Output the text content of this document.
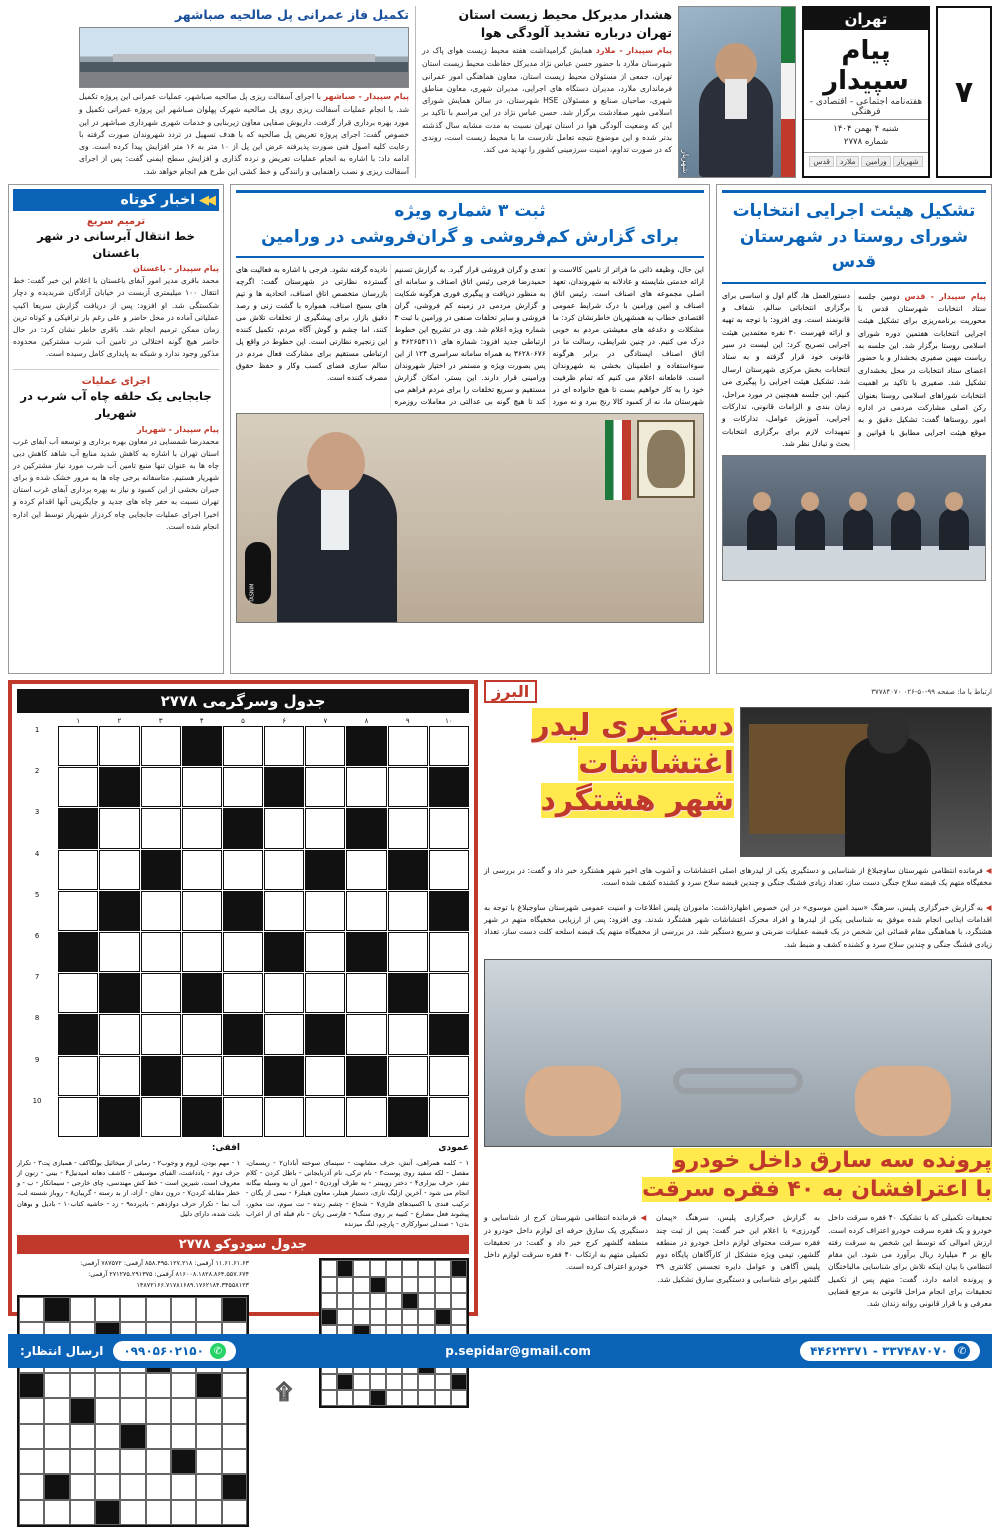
۷
تهران
پیام سپیدار
هفته‌نامه اجتماعی - اقتصادی - فرهنگی
شنبه ۴ بهمن ۱۴۰۴
شماره ۲۷۷۸
شهریار
ورامین
ملارد
قدس
شهریار
هشدار مدیرکل محیط زیست استان تهران درباره تشدید آلودگی هوا
پیام سپیدار - ملارد همایش گرامیداشت هفته محیط زیست هوای پاک در شهرستان ملارد با حضور حسن عباس نژاد مدیرکل حفاظت محیط زیست استان تهران، جمعی از مسئولان محیط زیست استان، معاون هماهنگی امور عمرانی فرمانداری ملارد، مدیران دستگاه های اجرایی، مدیران شهری، معاون مناطق شهری، صاحبان صنایع و مسئولان HSE شهرستان، در سالن همایش شورای اسلامی شهر صفادشت برگزار شد. حسن عباس نژاد در این مراسم با تاکید بر این که وضعیت آلودگی هوا در استان تهران نسبت به مدت مشابه سال گذشته بدتر شده و این موضوع نتیجه تعامل نادرست ما با محیط زیست است، روندی که در صورت تداوم، امنیت سرزمینی کشور را تهدید می کند.
تکمیل فاز عمرانی پل صالحیه صباشهر
پیام سپیدار - صباشهر با اجرای آسفالت ریزی پل صالحیه صباشهر، عملیات عمرانی این پروژه تکمیل شد. با انجام عملیات آسفالت ریزی روی پل صالحیه شهرک پهلوان صباشهر این پروژه عمرانی تکمیل و مورد بهره برداری قرار گرفت. داریوش صفایی معاون زیربنایی و خدمات شهری شهرداری صباشهر در این خصوص گفت: اجرای پروژه تعریض پل صالحیه که با هدف تسهیل در تردد شهروندان صورت گرفته با رعایت کلیه اصول فنی صورت پذیرفته عرض این پل از ۱۰ متر به ۱۶ متر افزایش پیدا کرده است. وی ادامه داد: با اشاره به انجام عملیات تعریض و نرده گذاری و افزایش سطح ایمنی گفت: پس از اجرای آسفالت ریزی و نصب راهنمایی و رانندگی و خط کشی این طرح هم انجام خواهد شد.
تشکیل هیئت اجرایی انتخابات شورای روستا در شهرستان قدس
پیام سپیدار - قدس دومین جلسه ستاد انتخابات شهرستان قدس با محوریت برنامه‌ریزی برای تشکیل هیئت اجرایی انتخابات هفتمین دوره شورای اسلامی روستا برگزار شد. این جلسه به ریاست مهین صفیری بخشدار و با حضور اعضای ستاد انتخابات در محل بخشداری تشکیل شد. صفیری با تاکید بر اهمیت انتخابات شوراهای اسلامی روستا بعنوان رکن اصلی مشارکت مردمی در اداره امور روستاها گفت: تشکیل دقیق و به موقع هیئت اجرایی مطابق با قوانین و دستورالعمل ها، گام اول و اساسی برای برگزاری انتخاباتی سالم، شفاف و قانونمند است. وی افزود: با توجه به تهیه و ارائه فهرست ۳۰ نفره معتمدین هیئت اجرایی تصریح کرد: این لیست در سیر قانونی خود قرار گرفته و به ستاد انتخابات بخش مرکزی شهرستان ارسال شد. تشکیل هیئت اجرایی را پیگیری می کنیم. این جلسه همچنین در مورد مراحل، زمان بندی و الزامات قانونی، تدارکات اجرایی، آموزش عوامل، تدارکات و تمهیدات لازم برای برگزاری انتخابات بحث و تبادل نظر شد.
ثبت ۳ شماره ویژه
برای گزارش کم‌فروشی و گران‌فروشی در ورامین
این حال، وظیفه ذاتی ما فراتر از تامین کالاست و ارائه خدمتی شایسته و عادلانه به شهروندان، تعهد اصلی مجموعه های اصناف است. رئیس اتاق اصناف و امین ورامین با درک شرایط عمومی اقتصادی خطاب به همشهریان خاطرنشان کرد: ما مشکلات و دغدغه های معیشتی مردم به خوبی درک می کنیم. در چنین شرایطی، رسالت ما در اتاق اصناف ایستادگی در برابر هرگونه سوءاستفاده و اطمینان بخشی به شهروندان است. قاطعانه اعلام می کنیم که تمام ظرفیت خود را به کار خواهیم بست تا هیچ خانواده ای در شهرستان ما، نه از کمبود کالا رنج ببرد و نه مورد تعدی و گران فروشی قرار گیرد. به گزارش تسنیم حمیدرضا فرجی رئیس اتاق اصناف و سامانه ای به منظور دریافت و پیگیری فوری هرگونه شکایت و گزارش مردمی در زمینه کم فروشی، گران فروشی و سایر تخلفات صنفی در ورامین با ثبت ۳ شماره ویژه اعلام شد. وی در تشریح این خطوط ارتباطی جدید افزود: شماره های ۳۶۲۶۵۳۱۱۱ و ۳۶۲۸۰۶۷۶ به همراه سامانه سراسری ۱۲۴ از این پس بصورت ویژه و مستمر در اختیار شهروندان ورامینی قرار دارند. این بستر، امکان گزارش مستقیم و سریع تخلفات را برای مردم فراهم می کند تا هیچ گونه بی عدالتی در معاملات روزمره نادیده گرفته نشود. فرجی با اشاره به فعالیت های گسترده نظارتی در شهرستان گفت: اگرچه بازرسان متخصص اتاق اصناف، اتحادیه ها و تیم های بسیج اصناف، همواره با گشت زنی و رصد دقیق بازار، برای پیشگیری از تخلفات تلاش می کنند، اما چشم و گوش آگاه مردم، تکمیل کننده این زنجیره نظارتی است. این خطوط در واقع پل ارتباطی مستقیم برای مشارکت فعال مردم در سالم سازی فضای کسب وکار و حفظ حقوق مصرف کننده است.
TASNIM
◀◀
اخبار کوتاه
ترمیم سریع
خط انتقال آبرسانی در شهر باغستان
پیام سپیدار - باغستان
محمد باقری مدیر امور آبفای باغستان با اعلام این خبر گفت: خط انتقال ۱۰۰ میلیمتری آزبست در خیابان آزادگان ضربدیده و دچار شکستگی شد. او افزود: پس از دریافت گزارش سریعا اکیپ عملیاتی آماده در محل حاضر و علی رغم بار ترافیکی و کوتاه ترین زمان ممکن ترمیم انجام شد. باقری خاطر نشان کرد: در حال حاضر هیچ گونه اختلالی در تامین آب شرب مشترکین محدوده مذکور وجود ندارد و شبکه به پایداری کامل رسیده است.
اجرای عملیات
جابجایی یک حلقه چاه آب شرب در شهریار
پیام سپیدار - شهریار
محمدرضا شمسایی در معاون بهره برداری و توسعه آب آبفای غرب استان تهران با اشاره به کاهش شدید منابع آب شاهد کاهش دبی چاه ها به عنوان تنها منبع تامین آب شرب مورد نیاز مشترکین در شهریار هستیم. متاسفانه برخی چاه ها به مرور خشک شده و برای جبران بخشی از این کمبود و نیاز به بهره برداری آبفای غرب استان تهران نسبت به حفر چاه های جدید و جایگزینی آنها اقدام کرده و اخیرا اجرای عملیات جابجایی چاه کردزار شهریار توسط این اداره انجام شده است.
ارتباط با ما: صفحه ۹۹-۵۰-۰۲۶ ۳۷۷۸۴۰۷۰
البرز
دستگیری لیدر اغتشاشات
شهر هشتگرد
◀ فرمانده انتظامی شهرستان ساوجبلاغ از شناسایی و دستگیری یکی از لیدرهای اصلی اغتشاشات و آشوب های اخیر شهر هشتگرد خبر داد و گفت: در بررسی از مخفیگاه متهم یک قبضه سلاح جنگی دست ساز، تعداد زیادی فشنگ جنگی و چندین قبضه سلاح سرد و کشنده کشف شده است.

◀ به گزارش خبرگزاری پلیس، سرهنگ «سید امین موسوی» در این خصوص اظهارداشت: ماموران پلیس اطلاعات و امنیت عمومی شهرستان ساوجبلاغ با توجه به اقدامات ایذایی انجام شده موفق به شناسایی یکی از لیدرها و افراد محرک اغتشاشات شهر هشتگرد شدند. وی افزود: پس از ارزیابی مخفیگاه متهم در شهر هشتگرد، با هماهنگی مقام قضائی این شخص در یک قبضه عملیات ضربتی و سریع دستگیر شد. در بررسی از مخفیگاه متهم یک قبضه اسلحه کلت دست ساز، تعداد زیادی فشنگ جنگی و چندین سلاح سرد و کشنده کشف و ضبط شد.
پرونده سه سارق داخل خودرو
با اعترافشان به ۴۰ فقره سرقت
تحقیقات تکمیلی که با تشکیک ۴۰ فقره سرقت داخل خودرو و یک فقره سرقت خودرو اعتراف کرده است. ارزش اموالی که توسط این شخص به سرقت رفته بالغ بر ۳ میلیارد ریال برآورد می شود. این مقام انتظامی با بیان اینکه تلاش برای شناسایی مالباختگان و پرونده ادامه دارد، گفت: متهم پس از تکمیل تحقیقات برای انجام مراحل قانونی به مرجع قضایی معرفی و با قرار قانونی روانه زندان شد.
به گزارش خبرگزاری پلیس، سرهنگ «پیمان گودرزی» با اعلام این خبر گفت: پس از ثبت چند فقره سرقت محتوای لوازم داخل خودرو در منطقه گلشهر، تیمی ویژه متشکل از کارآگاهان پایگاه دوم پلیس آگاهی و عوامل دایره تجسس کلانتری ۳۹ گلشهر برای شناسایی و دستگیری سارق تشکیل شد.
◀ فرمانده انتظامی شهرستان کرج از شناسایی و دستگیری یک سارق حرفه ای لوازم داخل خودرو در منطقه گلشهر کرج خبر داد و گفت: در تحقیقات تکمیلی متهم به ارتکاب ۴۰ فقره سرقت لوازم داخل خودرو اعتراف کرده است.
جدول وسرگرمی ۲۷۷۸
۱۰
۹
۸
۷
۶
۵
۴
۳
۲
۱
1
2
3
4
5
6
7
8
9
10
عمودی
۱ - کلمه همراهی، آتش، حرف مشابهت - سینمای سوخته آبادان۲ - ریسمان، مفصل - لکه سفید روی پوست۳ - نام ترکی، نام آذربایجانی - باطل کردن - کلام تنفر، حرف بیزاری۴ - دختر زوبینتر - به طرف آوردن۵ - امور آن به وسیله بیگانه انجام می شود - آخرین ازلیگ نازی، دستیار هیتلر، معاون هیتلر۶ - نیمی از یگان - ترکیب قندی با اکسیدهای فلزی۷ - شجاع - چشم زنده - نت سوم، نت مخور، پیشوند فعل مضارع - کتیبه بر روی سنگ۹ - فارسی زبان - نام قبله ای از اعراب بدن۱ - صندلی سوارکاری - پارچم، لنگ میزنده
افقی:
۱ - مهم بودن، لزوم و وجوب۲ - رمانی از میخائیل بولگاکف - همبازی پت۳ - تکرار حرف دوم - یادداشت، الفبای موسیقی - کاشف دهانه امیدنیل۴ - بینی - زنون از معروف است، شیرین است - خط کش مهندسی، چای خارجی - سیمانکار - ب - و خطر مقابله کردن۷ - درون دهان - آزاد، از بد رسته - گریبان۸ - روباز شسته لب، آب نما - تکرار حرف دوازدهم - بادپرده۹ - زد - حاشیه کتاب۱۰ - بادیل و بوهان بابت شده، دارای دلیل
جدول سودوکو ۲۷۷۸
۩
۱۱.۶۱.۶۱.۶۳ آرقمی: ۸۵۸.۴۹۵.۱۲۷.۲۱۸ آرقمی: ۷۸۷۵۷۲ آرقمی: ۸۱۶۰۰۸.۱۸۲۸.۸۶۴.۵۵۷.۶۷۴ آرقمی: ۲۷۱۲۷۵.۲۹۱۳۷۵ آرقمی: ۱۴۸۷۲۱۶۶.۷۱۷۸۱۶۸۹.۱۷۶۲۱۸۴.۳۴۵۵۸۱۲۳
✆
۳۳۷۴۸۷۰۷۰ - ۴۴۶۲۴۳۷۱
p.sepidar@gmail.com
✆
۰۹۹۰۵۶۰۲۱۵۰
ارسال انتظار:
